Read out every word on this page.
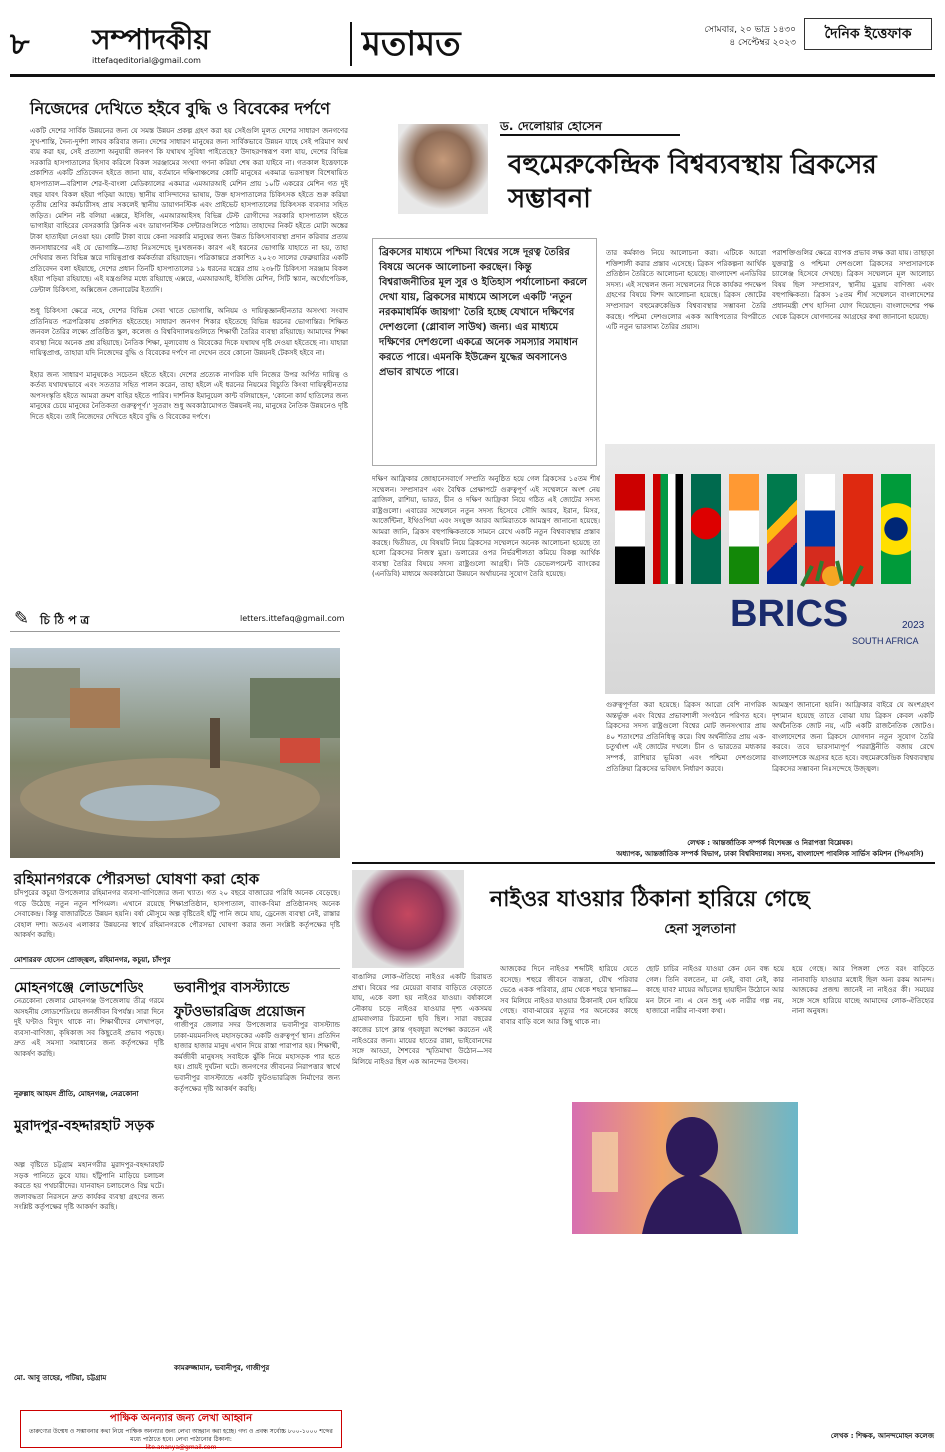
৮ সম্পাদকীয়
ittefaqeditorial@gmail.com	মতামত	সোমবার, ২০ ভাদ্র ১৪৩০
৪ সেপ্টেম্বর ২০২৩
দৈনিক ইত্তেফাক
নিজেদের দেখিতে হইবে বুদ্ধি ও বিবেকের দর্পণে
একটি দেশের সার্বিক উন্নয়নের জন্য যে সমস্ত উন্নয়ন প্রকল্প গ্রহণ করা হয় সেইগুলি মূলত দেশের সাধারণ জনগণের সুখ-শান্তি, দৈন্য-দুর্দশা লাঘব করিবার জন্য। দেশের সাধারণ মানুষের জন্য সার্বিকভাবে উন্নয়ন যাহে সেই পরিমাণ অর্থ ব্যয় করা হয়, সেই প্রত্যাশা অনুযায়ী জনগণ কি যথাযথ সুবিধা পাইতেছে? উদাহরণস্বরূপ বলা যায়, দেশের বিভিন্ন সরকারি হাসপাতালের হিসাব করিলে বিকল সরঞ্জামের সংখ্যা গণনা করিয়া শেষ করা যাইবে না। গতকাল ইত্তেফাকে প্রকাশিত একটি প্রতিবেদন হইতে জানা যায়, বর্তমানে দক্ষিণাঞ্চলের কোটি মানুষের একমাত্র ভরসাস্থল বিশেষায়িত হাসপাতাল—বরিশাল শের-ই-বাংলা মেডিক্যালের একমাত্র এমআরআই মেশিন প্রায় ১০টি একরের মেশিন গত দুই বছর যাবৎ বিকল হইয়া পড়িয়া আছে। স্থানীয় বাসিন্দাদের ভাষায়, উক্ত হাসপাতালের চিকিৎসক হইতে শুরু করিয়া তৃতীয় শ্রেণির কর্মচারীসহ প্রায় সকলেই স্থানীয় ডায়াগনস্টিক এবং প্রাইভেট হাসপাতালের চিকিৎসক ব্যবসার সহিত জড়িত। মেশিন নষ্ট বলিয়া এক্সরে, ইসিজি, এমআরআইসহ বিভিন্ন টেস্ট রোগীদের সরকারি হাসপাতাল হইতে ভাগাইয়া বাহিরের বেসরকারি ক্লিনিক এবং ডায়াগনস্টিক সেন্টারগুলিতে পাঠায়। তাহাদের নিকট হইতে মোটা অঙ্কের টাকা হাতাইয়া নেওয়া হয়। কোটি টাকা ব্যয়ে কেনা সরকারি মানুষের জন্য উন্নত চিকিৎসাব্যবস্থা প্রদান করিবার প্রত্যয় জনসাধারণের এই যে ভোগান্তি—তাহা নিঃসন্দেহে দুঃখজনক। কারণ এই ধরনের ভোগান্তি যাহাতে না হয়, তাহা দেখিবার জন্য বিভিন্ন স্তরে দায়িত্বপ্রাপ্ত কর্মকর্তারা রহিয়াছেন। পত্রিকান্তরে প্রকাশিত ২০২৩ সালের ফেব্রুয়ারির একটি প্রতিবেদন বলা হইয়াছে, দেশের প্রধান তিনটি হাসপাতালের ১৯ ধরনের যন্ত্রের প্রায় ২৩৮টি চিকিৎসা সরঞ্জাম বিকল হইয়া পড়িয়া রহিয়াছে। এই যন্ত্রগুলির মধ্যে রহিয়াছে এক্সরে, এমআরআই, ইসিজি মেশিন, সিটি স্ক্যান, অর্থোপেডিক, ডেন্টাল চিকিৎসা, অক্সিজেন জেনারেটর ইত্যাদি।

শুধু চিকিৎসা ক্ষেত্রে নহে, দেশের বিভিন্ন সেবা খাতে ভোগান্তি, অনিয়ম ও দায়িত্বজ্ঞানহীনতার অসংখ্য সংবাদ প্রতিনিয়ত পত্রপত্রিকায় প্রকাশিত হইতেছে। সাধারণ জনগণ শিকার হইতেছে বিভিন্ন ধরনের ভোগান্তির। শিক্ষিত জনবল তৈরির লক্ষ্যে প্রতিষ্ঠিত স্কুল, কলেজ ও বিশ্ববিদ্যালয়গুলিতে শিক্ষার্থী তৈরির ব্যবস্থা রহিয়াছে। আমাদের শিক্ষা ব্যবস্থা নিয়ে অনেক প্রশ্ন রহিয়াছে। নৈতিক শিক্ষা, মূল্যবোধ ও বিবেকের দিকে যথাযথ দৃষ্টি দেওয়া হইতেছে না। যাহারা দায়িত্বপ্রাপ্ত, তাহারা যদি নিজেদের বুদ্ধি ও বিবেকের দর্পণে না দেখেন তবে কোনো উন্নয়নই টেকসই হইবে না।

ইহার জন্য সাধারণ মানুষকেও সচেতন হইতে হইবে। দেশের প্রত্যেক নাগরিক যদি নিজের উপর অর্পিত দায়িত্ব ও কর্তব্য যথাযথভাবে এবং সততার সহিত পালন করেন, তাহা হইলে এই ধরনের নিয়মের বিচ্যুতি কিংবা দায়িত্বহীনতার অপসংস্কৃতি হইতে আমরা ক্রমশ বাহির হইতে পারিব। দার্শনিক ইমানুয়েল কান্ট বলিয়াছেন, 'কোনো কার্য হাতিলের জন্য মানুষের চেয়ে মানুষের নৈতিকতা গুরুত্বপূর্ণ।' সুতরাং শুধু অবকাঠামোগত উন্নয়নই নয়, মানুষের নৈতিক উন্নয়নেও দৃষ্টি দিতে হইবে। তাই নিজেদের দেখিতে হইবে বুদ্ধি ও বিবেকের দর্পণে।
✎ চি ঠি প ত্র	letters.ittefaq@gmail.com
রহিমানগরকে পৌরসভা ঘোষণা করা হোক
চাঁদপুরের কচুয়া উপজেলার রহিমানগর ব্যবসা-বাণিজ্যের জন্য খ্যাত। গত ২০ বছরে বাজারের পরিধি অনেক বেড়েছে। গড়ে উঠেছে নতুন নতুন শপিংমল। এখানে রয়েছে শিক্ষাপ্রতিষ্ঠান, হাসপাতাল, ব্যাংক-বিমা প্রতিষ্ঠানসহ অনেক সেবাকেন্দ্র। কিন্তু বাজারটিতে উন্নয়ন হয়নি। বর্ষা মৌসুমে অল্প বৃষ্টিতেই হাঁটু পানি জমে যায়, ড্রেনেজ ব্যবস্থা নেই, রাস্তার বেহাল দশা। অতএব এলাকার উন্নয়নের স্বার্থে রহিমানগরকে পৌরসভা ঘোষণা করার জন্য সংশ্লিষ্ট কর্তৃপক্ষের দৃষ্টি আকর্ষণ করছি।
মোশাররফ হোসেন প্রোজ্জ্বল, রহিমানগর, কচুয়া, চাঁদপুর
মোহনগঞ্জে লোডশেডিং
নেত্রকোনা জেলার মোহনগঞ্জ উপজেলায় তীব্র গরমে অসহনীয় লোডশেডিংয়ে জনজীবন বিপর্যস্ত। সারা দিনে দুই ঘণ্টাও বিদ্যুৎ থাকে না। শিক্ষার্থীদের লেখাপড়া, ব্যবসা-বাণিজ্য, কৃষিকাজ সব কিছুতেই প্রভাব পড়ছে। দ্রুত এই সমস্যা সমাধানের জন্য কর্তৃপক্ষের দৃষ্টি আকর্ষণ করছি।
নূরুল্লাহ আহমদ প্রীতি, মোহনগঞ্জ, নেত্রকোনা
মুরাদপুর-বহদ্দারহাট সড়ক
অল্প বৃষ্টিতে চট্টগ্রাম মহানগরীর মুরাদপুর-বহদ্দারহাট সড়ক পানিতে ডুবে যায়। হাঁটুপানি মাড়িয়ে চলাচল করতে হয় পথচারীদের। যানবাহন চলাচলেও বিঘ্ন ঘটে। জলাবদ্ধতা নিরসনে দ্রুত কার্যকর ব্যবস্থা গ্রহণের জন্য সংশ্লিষ্ট কর্তৃপক্ষের দৃষ্টি আকর্ষণ করছি।
মো. আবু তাহের, পটিয়া, চট্টগ্রাম
ভবানীপুর বাসস্ট্যান্ডে ফুটওভারব্রিজ প্রয়োজন
গাজীপুর জেলার সদর উপজেলার ভবানীপুর বাসস্ট্যান্ড ঢাকা-ময়মনসিংহ মহাসড়কের একটি গুরুত্বপূর্ণ স্থান। প্রতিদিন হাজার হাজার মানুষ এখান দিয়ে রাস্তা পারাপার হয়। শিক্ষার্থী, কর্মজীবী মানুষসহ সবাইকে ঝুঁকি নিয়ে মহাসড়ক পার হতে হয়। প্রায়ই দুর্ঘটনা ঘটে। জনগণের জীবনের নিরাপত্তার স্বার্থে ভবানীপুর বাসস্ট্যান্ডে একটি ফুটওভারব্রিজ নির্মাণের জন্য কর্তৃপক্ষের দৃষ্টি আকর্ষণ করছি।
কামরুজ্জামান, ভবানীপুর, গাজীপুর
পাক্ষিক অনন্যার জন্য লেখা আহ্বান
তারুণ্যের উন্মেষ ও সম্ভাবনার কথা নিয়ে পাক্ষিক অনন্যার জন্য লেখা আহ্বান করা হচ্ছে। গদ্য ও প্রবন্ধ সর্বোচ্চ ৮০০-১০০০ শব্দের মধ্যে পাঠাতে হবে। লেখা পাঠানোর ঠিকানা:
lite.ananya@gmail.com
ড. দেলোয়ার হোসেন
বহুমেরুকেন্দ্রিক বিশ্বব্যবস্থায় ব্রিকসের সম্ভাবনা
ব্রিকসের মাধ্যমে পশ্চিমা বিশ্বের সঙ্গে দূরত্ব তৈরির বিষয়ে অনেক আলোচনা করছেন। কিন্তু বিশ্বরাজনীতির মূল সুর ও ইতিহাস পর্যালোচনা করলে দেখা যায়, ব্রিকসের মাধ্যমে আসলে একটি 'নতুন নরকমাধর্মিক জায়গা' তৈরি হচ্ছে যেখানে দক্ষিণের দেশগুলো (গ্লোবাল সাউথ) জন্য। এর মাধ্যমে দক্ষিণের দেশগুলো একত্রে অনেক সমস্যার সমাধান করতে পারে। এমনকি ইউক্রেন যুদ্ধের অবসানেও প্রভাব রাখতে পারে।
দক্ষিণ আফ্রিকার জোহানেসবার্গে সম্প্রতি অনুষ্ঠিত হয়ে গেল ব্রিকসের ১৫তম শীর্ষ সম্মেলন। সম্প্রসারণ এবং বৈশ্বিক প্রেক্ষাপটে গুরুত্বপূর্ণ এই সম্মেলনে অংশ নেয় ব্রাজিল, রাশিয়া, ভারত, চীন ও দক্ষিণ আফ্রিকা নিয়ে গঠিত এই জোটের সদস্য রাষ্ট্রগুলো। এবারের সম্মেলনে নতুন সদস্য হিসেবে সৌদি আরব, ইরান, মিসর, আর্জেন্টিনা, ইথিওপিয়া এবং সংযুক্ত আরব আমিরাতকে আমন্ত্রণ জানানো হয়েছে। আমরা জানি, ব্রিকস বহুপাক্ষিকতাকে সামনে রেখে একটি নতুন বিশ্বব্যবস্থার প্রস্তাব করছে। দ্বিতীয়ত, যে বিষয়টি নিয়ে ব্রিকসের সম্মেলনে অনেক আলোচনা হয়েছে তা হলো ব্রিকসের নিজস্ব মুদ্রা। ডলারের ওপর নির্ভরশীলতা কমিয়ে বিকল্প আর্থিক ব্যবস্থা তৈরির বিষয়ে সদস্য রাষ্ট্রগুলো আগ্রহী। নিউ ডেভেলপমেন্ট ব্যাংকের (এনডিবি) মাধ্যমে অবকাঠামো উন্নয়নে অর্থায়নের সুযোগ তৈরি হয়েছে।
তার কর্মকাণ্ড নিয়ে আলোচনা করা। এটিকে আরো শক্তিশালী করার প্রস্তাব এসেছে। ব্রিকস পরিকল্পনা আর্থিক প্রতিষ্ঠান তৈরিতে আলোচনা হয়েছে। বাংলাদেশ এনডিবির সদস্য। এই সম্মেলন জন্য সম্মেলনের দিকে কার্যকর পদক্ষেপ গ্রহণের বিষয়ে বিশদ আলোচনা হয়েছে। ব্রিকস জোটের সম্প্রসারণ বহুমেরুকেন্দ্রিক বিশ্বব্যবস্থার সম্ভাবনা তৈরি করছে। পশ্চিমা দেশগুলোর একক আধিপত্যের বিপরীতে এটি নতুন ভারসাম্য তৈরির প্রয়াস।
পরাশক্তিগুলির ক্ষেত্রে ব্যাপক প্রভাব লক্ষ করা যায়। তাছাড়া যুক্তরাষ্ট্র ও পশ্চিমা দেশগুলো ব্রিকসের সম্প্রসারণকে চ্যালেঞ্জ হিসেবে দেখছে। ব্রিকস সম্মেলনে মূল আলোচ্য বিষয় ছিল সম্প্রসারণ, স্থানীয় মুদ্রায় বাণিজ্য এবং বহুপাক্ষিকতা। ব্রিকস ১৫তম শীর্ষ সম্মেলনে বাংলাদেশের প্রধানমন্ত্রী শেখ হাসিনা যোগ দিয়েছেন। বাংলাদেশের পক্ষ থেকে ব্রিকসে যোগদানের আগ্রহের কথা জানানো হয়েছে।
BRICS	2023
SOUTH AFRICA
গুরুত্বপূর্ণতা করা হয়েছে। ব্রিকস আরো বেশি নাগরিক অন্তর্ভুক্ত এবং বিশ্বের প্রভাবশালী সংগঠনে পরিণত হবে। ব্রিকসের সদস্য রাষ্ট্রগুলো বিশ্বের মোট জনসংখ্যার প্রায় ৪০ শতাংশের প্রতিনিধিত্ব করে। বিশ্ব অর্থনীতির প্রায় এক-চতুর্থাংশ এই জোটের দখলে। চীন ও ভারতের মধ্যকার সম্পর্ক, রাশিয়ার ভূমিকা এবং পশ্চিমা দেশগুলোর প্রতিক্রিয়া ব্রিকসের ভবিষ্যৎ নির্ধারণ করবে।
আমন্ত্রণ জানানো হয়নি। আফ্রিকার বাইরে যে অংশগ্রহণ দৃশ্যমান হয়েছে তাতে বোঝা যায় ব্রিকস কেবল একটি অর্থনৈতিক জোট নয়, এটি একটি রাজনৈতিক জোটও। বাংলাদেশের জন্য ব্রিকসে যোগদান নতুন সুযোগ তৈরি করবে। তবে ভারসাম্যপূর্ণ পররাষ্ট্রনীতি বজায় রেখে বাংলাদেশকে অগ্রসর হতে হবে। বহুমেরুকেন্দ্রিক বিশ্বব্যবস্থায় ব্রিকসের সম্ভাবনা নিঃসন্দেহে উজ্জ্বল।
লেখক : আন্তর্জাতিক সম্পর্ক বিশেষজ্ঞ ও নিরাপত্তা বিশ্লেষক।
অধ্যাপক, আন্তর্জাতিক সম্পর্ক বিভাগ, ঢাকা বিশ্ববিদ্যালয়। সদস্য, বাংলাদেশ পাবলিক সার্ভিস কমিশন (পিএসসি)
নাইওর যাওয়ার ঠিকানা হারিয়ে গেছে
হেনা সুলতানা
বাঙালির লোক-ঐতিহ্যে নাইওর একটি চিরায়ত প্রথা। বিয়ের পর মেয়েরা বাবার বাড়িতে বেড়াতে যায়, একে বলা হয় নাইওর যাওয়া। বর্ষাকালে নৌকায় চড়ে নাইওর যাওয়ার দৃশ্য একসময় গ্রামবাংলার চিরচেনা ছবি ছিল। সারা বছরের কাজের চাপে ক্লান্ত গৃহবধূরা অপেক্ষা করতেন এই নাইওরের জন্য। মায়ের হাতের রান্না, ভাইবোনদের সঙ্গে আড্ডা, শৈশবের স্মৃতিমাখা উঠোন—সব মিলিয়ে নাইওর ছিল এক আনন্দের উৎসব।
আজকের দিনে নাইওর শব্দটিই হারিয়ে যেতে বসেছে। শহুরে জীবনে ব্যস্ততা, যৌথ পরিবার ভেঙে একক পরিবার, গ্রাম থেকে শহরে স্থানান্তর—সব মিলিয়ে নাইওর যাওয়ার ঠিকানাই যেন হারিয়ে গেছে। বাবা-মায়ের মৃত্যুর পর অনেকের কাছে বাবার বাড়ি বলে আর কিছু থাকে না।
ছোট চাচির নাইওর যাওয়া কেন যেন বন্ধ হয়ে গেল। তিনি বলতেন, মা নেই, বাবা নেই, কার কাছে যাব? মায়ের আঁচলের ছায়াহীন উঠোনে আর মন টানে না। এ যেন শুধু এক নারীর গল্প নয়, হাজারো নারীর না-বলা কথা।
হয়ে গেছে। আর পিঙ্গলা পেত বরং বাড়িতে নানাবাড়ি যাওয়ার মধ্যেই ছিল অন্য রকম আনন্দ। আজকের প্রজন্ম জানেই না নাইওর কী। সময়ের সঙ্গে সঙ্গে হারিয়ে যাচ্ছে আমাদের লোক-ঐতিহ্যের নানা অনুষঙ্গ।
লেখক : শিক্ষক, আনন্দমোহন কলেজ
